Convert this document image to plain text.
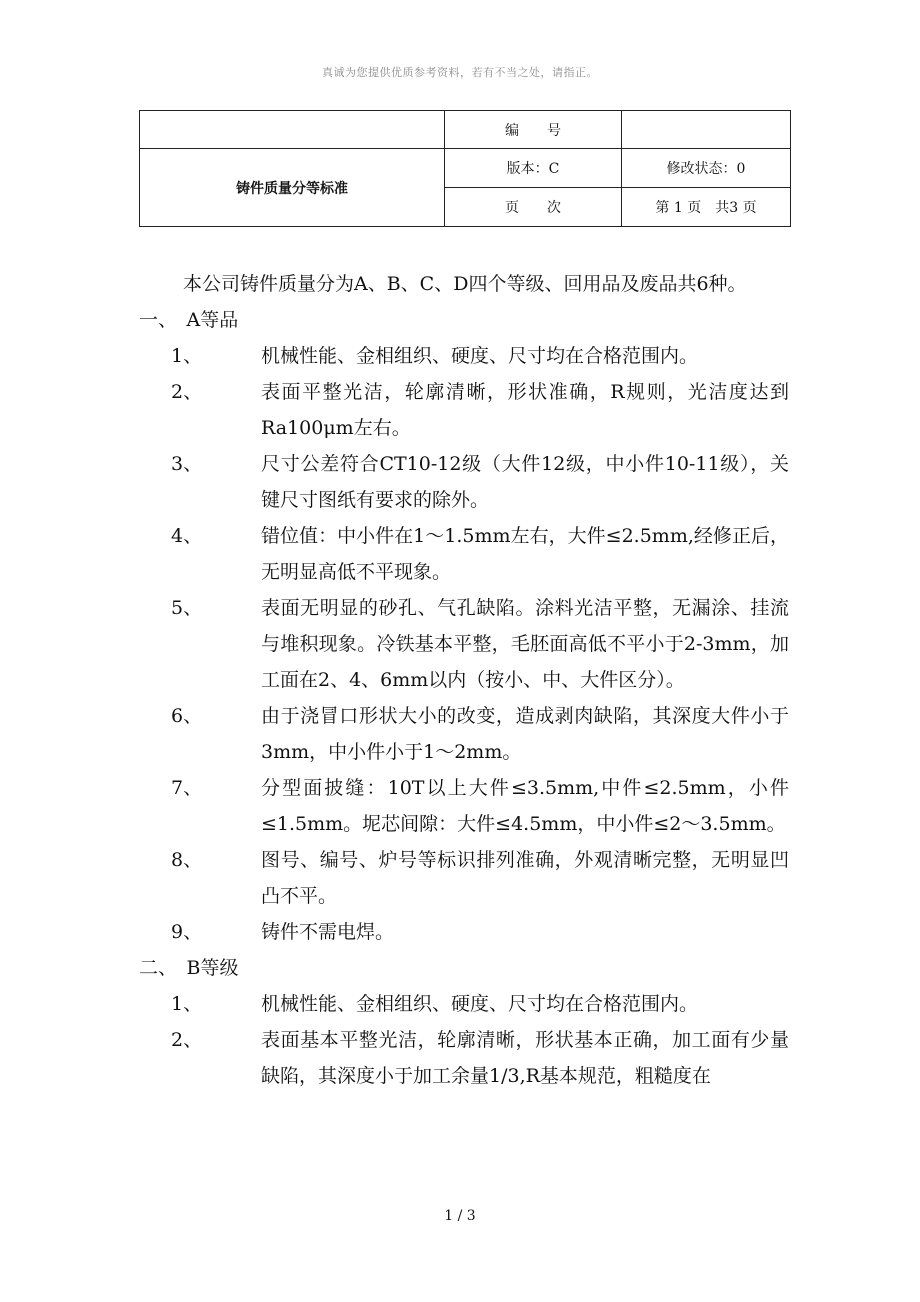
真诚为您提供优质参考资料，若有不当之处，请指正。
	编　　号	
铸件质量分等标准	版本：C	修改状态：0
	页　　次	第 1 页　共3 页

本公司铸件质量分为A、B、C、D四个等级、回用品及废品共6种。

一、　A等品

1、	机械性能、金相组织、硬度、尺寸均在合格范围内。
2、	表面平整光洁，轮廓清晰，形状准确，R规则，光洁度达到Ra100μm左右。
3、	尺寸公差符合CT10-12级（大件12级，中小件10-11级），关键尺寸图纸有要求的除外。
4、	错位值：中小件在1～1.5mm左右，大件≤2.5mm,经修正后，无明显高低不平现象。
5、	表面无明显的砂孔、气孔缺陷。涂料光洁平整，无漏涂、挂流与堆积现象。冷铁基本平整，毛胚面高低不平小于2-3mm，加工面在2、4、6mm以内（按小、中、大件区分）。
6、	由于浇冒口形状大小的改变，造成剥肉缺陷，其深度大件小于3mm，中小件小于1～2mm。
7、	分型面披缝：10T以上大件≤3.5mm,中件≤2.5mm，小件≤1.5mm。坭芯间隙：大件≤4.5mm，中小件≤2～3.5mm。
8、	图号、编号、炉号等标识排列准确，外观清晰完整，无明显凹凸不平。
9、	铸件不需电焊。

二、　B等级

1、	机械性能、金相组织、硬度、尺寸均在合格范围内。
2、	表面基本平整光洁，轮廓清晰，形状基本正确，加工面有少量缺陷，其深度小于加工余量1/3,R基本规范，粗糙度在
1 / 3
